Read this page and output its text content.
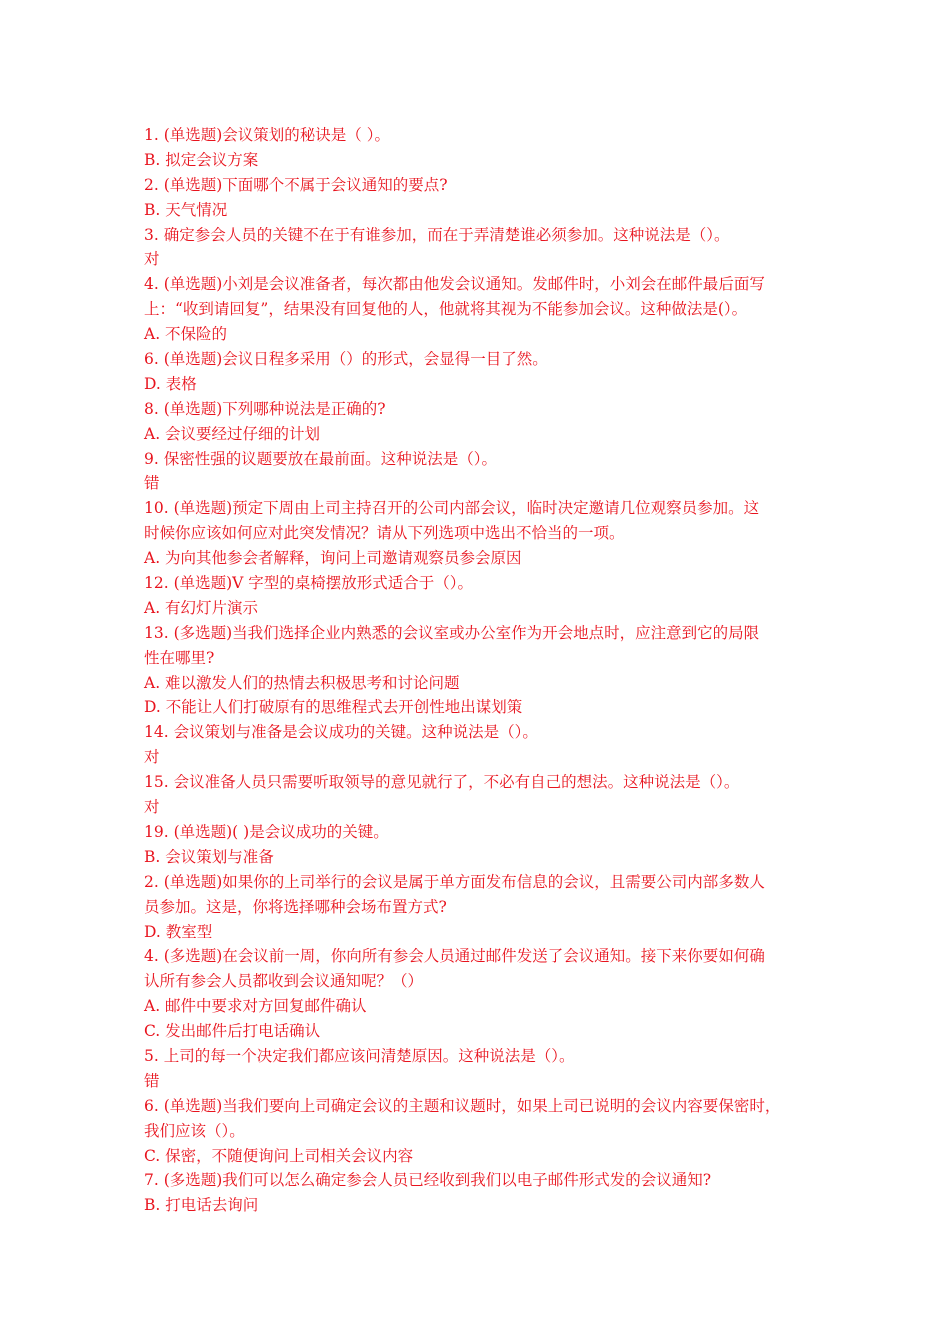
1. (单选题)会议策划的秘诀是（ ）。
B. 拟定会议方案
2. (单选题)下面哪个不属于会议通知的要点?
B. 天气情况
3. 确定参会人员的关键不在于有谁参加，而在于弄清楚谁必须参加。这种说法是（）。
对
4. (单选题)小刘是会议准备者，每次都由他发会议通知。发邮件时，小刘会在邮件最后面写
上：“收到请回复”，结果没有回复他的人，他就将其视为不能参加会议。这种做法是(）。
A. 不保险的
6. (单选题)会议日程多采用（）的形式，会显得一目了然。
D. 表格
8. (单选题)下列哪种说法是正确的?
A. 会议要经过仔细的计划
9. 保密性强的议题要放在最前面。这种说法是（）。
错
10. (单选题)预定下周由上司主持召开的公司内部会议，临时决定邀请几位观察员参加。这
时候你应该如何应对此突发情况？请从下列选项中选出不恰当的一项。
A. 为向其他参会者解释，询问上司邀请观察员参会原因
12. (单选题)V 字型的桌椅摆放形式适合于（）。
A. 有幻灯片演示
13. (多选题)当我们选择企业内熟悉的会议室或办公室作为开会地点时，应注意到它的局限
性在哪里?
A. 难以激发人们的热情去积极思考和讨论问题
D. 不能让人们打破原有的思维程式去开创性地出谋划策
14. 会议策划与准备是会议成功的关键。这种说法是（）。
对
15. 会议准备人员只需要听取领导的意见就行了，不必有自己的想法。这种说法是（）。
对
19. (单选题)( )是会议成功的关键。
B. 会议策划与准备
2. (单选题)如果你的上司举行的会议是属于单方面发布信息的会议，且需要公司内部多数人
员参加。这是，你将选择哪种会场布置方式?
D. 教室型
4. (多选题)在会议前一周，你向所有参会人员通过邮件发送了会议通知。接下来你要如何确
认所有参会人员都收到会议通知呢？（）
A. 邮件中要求对方回复邮件确认
C. 发出邮件后打电话确认
5. 上司的每一个决定我们都应该问清楚原因。这种说法是（）。
错
6. (单选题)当我们要向上司确定会议的主题和议题时，如果上司已说明的会议内容要保密时，
我们应该（）。
C. 保密，不随便询问上司相关会议内容
7. (多选题)我们可以怎么确定参会人员已经收到我们以电子邮件形式发的会议通知?
B. 打电话去询问
